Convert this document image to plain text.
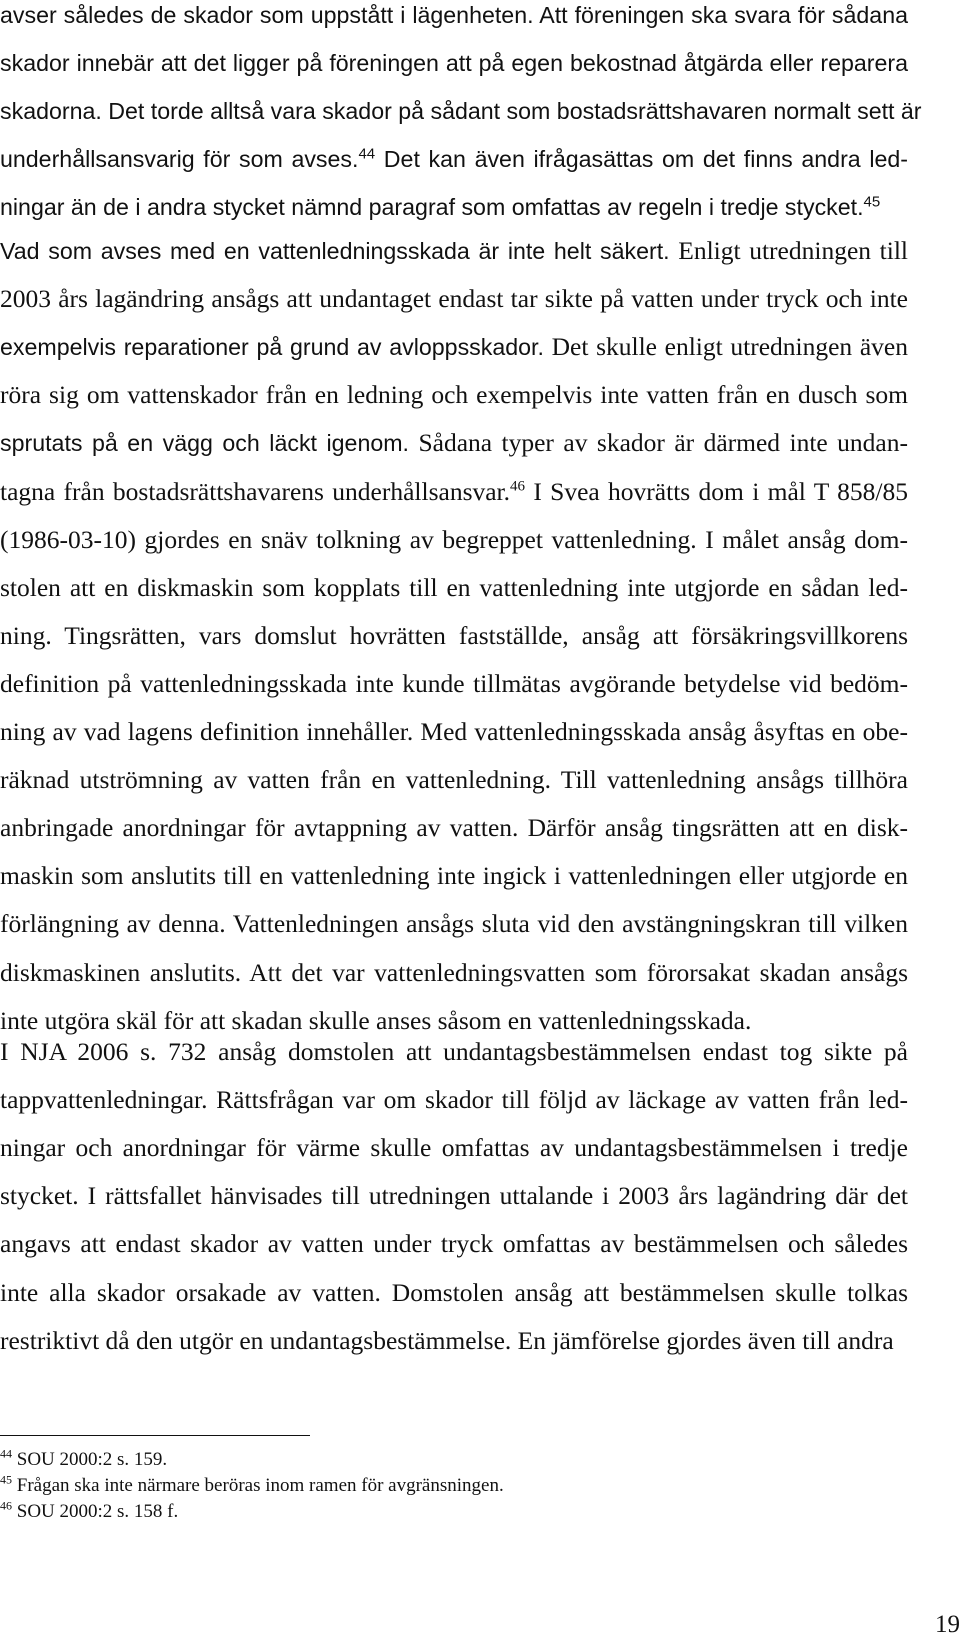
avser således de skador som uppstått i lägenheten. Att föreningen ska svara för sådana
skador innebär att det ligger på föreningen att på egen bekostnad åtgärda eller reparera
skadorna. Det torde alltså vara skador på sådant som bostadsrättshavaren normalt sett är
underhållsansvarig för som avses.$^{44}$ Det kan även ifrågasättas om det finns andra led-
ningar än de i andra stycket nämnd paragraf som omfattas av regeln i tredje stycket.$^{45}$
Vad som avses med en vattenledningsskada är inte helt säkert. Enligt utredningen till
2003 års lagändring ansågs att undantaget endast tar sikte på vatten under tryck och inte
exempelvis reparationer på grund av avloppsskador. Det skulle enligt utredningen även
röra sig om vattenskador från en ledning och exempelvis inte vatten från en dusch som
sprutats på en vägg och läckt igenom. Sådana typer av skador är därmed inte undan-
tagna från bostadsrättshavarens underhållsansvar.$^{46}$ I Svea hovrätts dom i mål T 858/85
(1986-03-10) gjordes en snäv tolkning av begreppet vattenledning. I målet ansåg dom-
stolen att en diskmaskin som kopplats till en vattenledning inte utgjorde en sådan led-
ning. Tingsrätten, vars domslut hovrätten fastställde, ansåg att försäkringsvillkorens
definition på vattenledningsskada inte kunde tillmätas avgörande betydelse vid bedöm-
ning av vad lagens definition innehåller. Med vattenledningsskada ansåg åsyftas en obe-
räknad utströmning av vatten från en vattenledning. Till vattenledning ansågs tillhöra
anbringade anordningar för avtappning av vatten. Därför ansåg tingsrätten att en disk-
maskin som anslutits till en vattenledning inte ingick i vattenledningen eller utgjorde en
förlängning av denna. Vattenledningen ansågs sluta vid den avstängningskran till vilken
diskmaskinen anslutits. Att det var vattenledningsvatten som förorsakat skadan ansågs
inte utgöra skäl för att skadan skulle anses såsom en vattenledningsskada.
I NJA 2006 s. 732 ansåg domstolen att undantagsbestämmelsen endast tog sikte på
tappvattenledningar. Rättsfrågan var om skador till följd av läckage av vatten från led-
ningar och anordningar för värme skulle omfattas av undantagsbestämmelsen i tredje
stycket. I rättsfallet hänvisades till utredningen uttalande i 2003 års lagändring där det
angavs att endast skador av vatten under tryck omfattas av bestämmelsen och således
inte alla skador orsakade av vatten. Domstolen ansåg att bestämmelsen skulle tolkas
restriktivt då den utgör en undantagsbestämmelse. En jämförelse gjordes även till andra
$^{44}$ SOU 2000:2 s. 159.
$^{45}$ Frågan ska inte närmare beröras inom ramen för avgränsningen.
$^{46}$ SOU 2000:2 s. 158 f.
19
